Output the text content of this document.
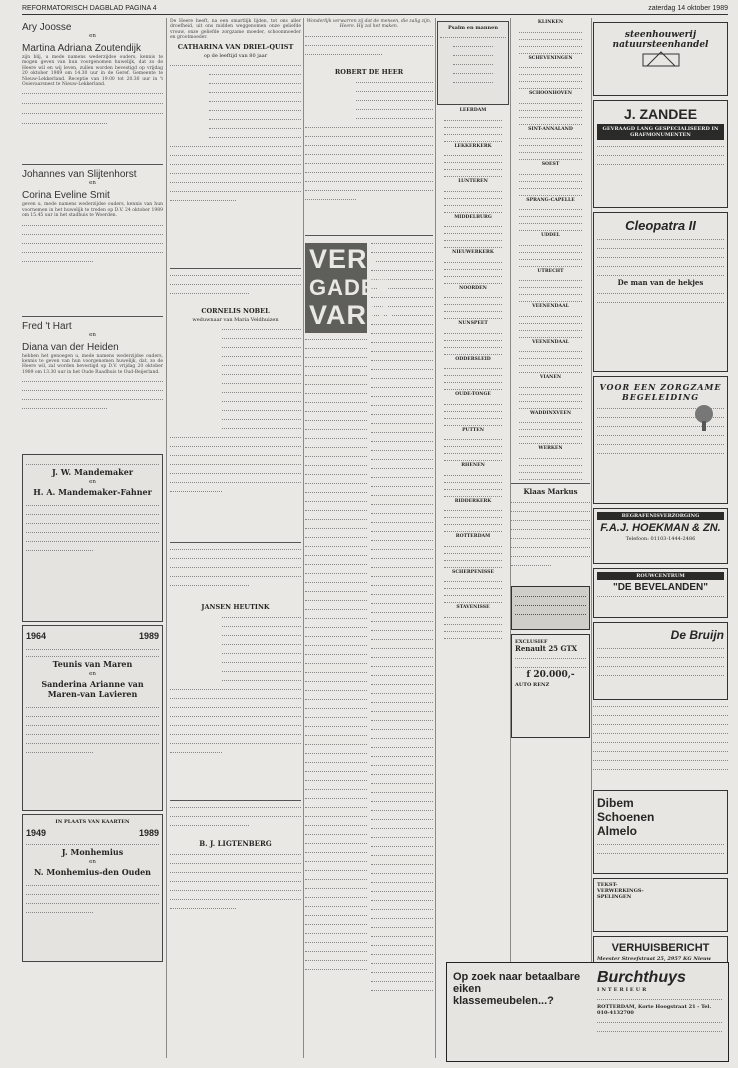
REFORMATORISCH DAGBLAD PAGINA 4	zaterdag 14 oktober 1989

Ary Joosse

en

Martina Adriana Zoutendijk

zijn blij, u mede namens wederzijdse ouders, kennis te mogen geven van hun voorgenomen huwelijk, dat zo de Heere wil en wij leven, zullen worden bevestigd op vrijdag 20 oktober 1989 om 14.30 uur in de Geref. Gemeente te Nieuw-Lekkerland. Receptie van 19.00 tot 20.30 uur in 't Ooievaarsnest te Nieuw-Lekkerland.

Johannes van Slijtenhorst

en

Corina Eveline Smit

geven u, mede namens wederzijdse ouders, kennis van hun voornemen in het huwelijk te treden op D.V. 24 oktober 1989 om 15.45 uur in het stadhuis te Woerden.

Fred 't Hart

en

Diana van der Heiden

hebben het genoegen u, mede namens wederzijdse ouders, kennis te geven van hun voorgenomen huwelijk, dat, zo de Heere wil, zal worden bevestigd op D.V. vrijdag 20 oktober 1989 om 13.30 uur in het Oude Raadhuis te Oud-Beijerland.

J. W. Mandemaker

en

H. A. Mandemaker-Fahner

1964	1989

Teunis van Maren

en

Sanderina Arianne van Maren-van Lavieren

IN PLAATS VAN KAARTEN

1949	1989

J. Monhemius

en

N. Monhemius-den Ouden

De Heere heeft, na een smartlijk lijden, tot ons aller droefheid, uit ons midden weggenomen onze geliefde vrouw, onze geliefde zorgzame moeder, schoonmoeder en grootmoeder.

CATHARINA VAN DRIEL-QUIST

op de leeftijd van 80 jaar

CORNELIS NOBEL

weduwnaar van Maria Veldhuizen

JANSEN HEUTINK

B. J. LIGTENBERG

Wonderlijk verwarren zij dat de mensen, die zalig zijn, Heere. Hij zal het maken.

ROBERT DE HEER

VER-
GADER
VARIA

Psalm en mannen

LEERDAM
LEKKERKERK
LUNTEREN
MIDDELBURG
NIEUWERKERK
NOORDEN
NUNSPEET
ODDERSLEID
OUDE-TONGE
PUTTEN
RHENEN
RIDDERKERK
ROTTERDAM
SCHERPENISSE
STAVENISSE
KLINKEN
SCHEVENINGEN
SCHOONHOVEN
SINT-ANNALAND
SOEST
SPRANG-CAPELLE
UDDEL
UTRECHT
VEENENDAAL
VEENENDAAL
VIANEN
WADDINXVEEN
WERKEN

Klaas Markus

EXCLUSIEF

Renault 25 GTX

f 20.000,-

AUTO RENZ

steenhouwerij

natuursteenhandel

J. ZANDEE

GEVRAAGD LANG GESPECIALISEERD IN GRAFMONUMENTEN

Cleopatra II

De man van de hekjes

VOOR EEN ZORGZAME BEGELEIDING

BEGRAFENISVERZORGING

F.A.J. HOEKMAN & ZN.

Telefoon: 01103-1444-2486

ROUWCENTRUM

"DE BEVELANDEN"

De Bruijn

Dibem Schoenen Almelo

TEKST-

VERWERKINGS-

SPELINGEN

VERHUISBERICHT

Meester Streefstraat 25, 2957 KG Nieuw

Op zoek naar betaalbare eiken klassemeubelen...?

Burchthuys

INTERIEUR

ROTTERDAM, Korte Hoogstraat 21 - Tel. 010-4132700
